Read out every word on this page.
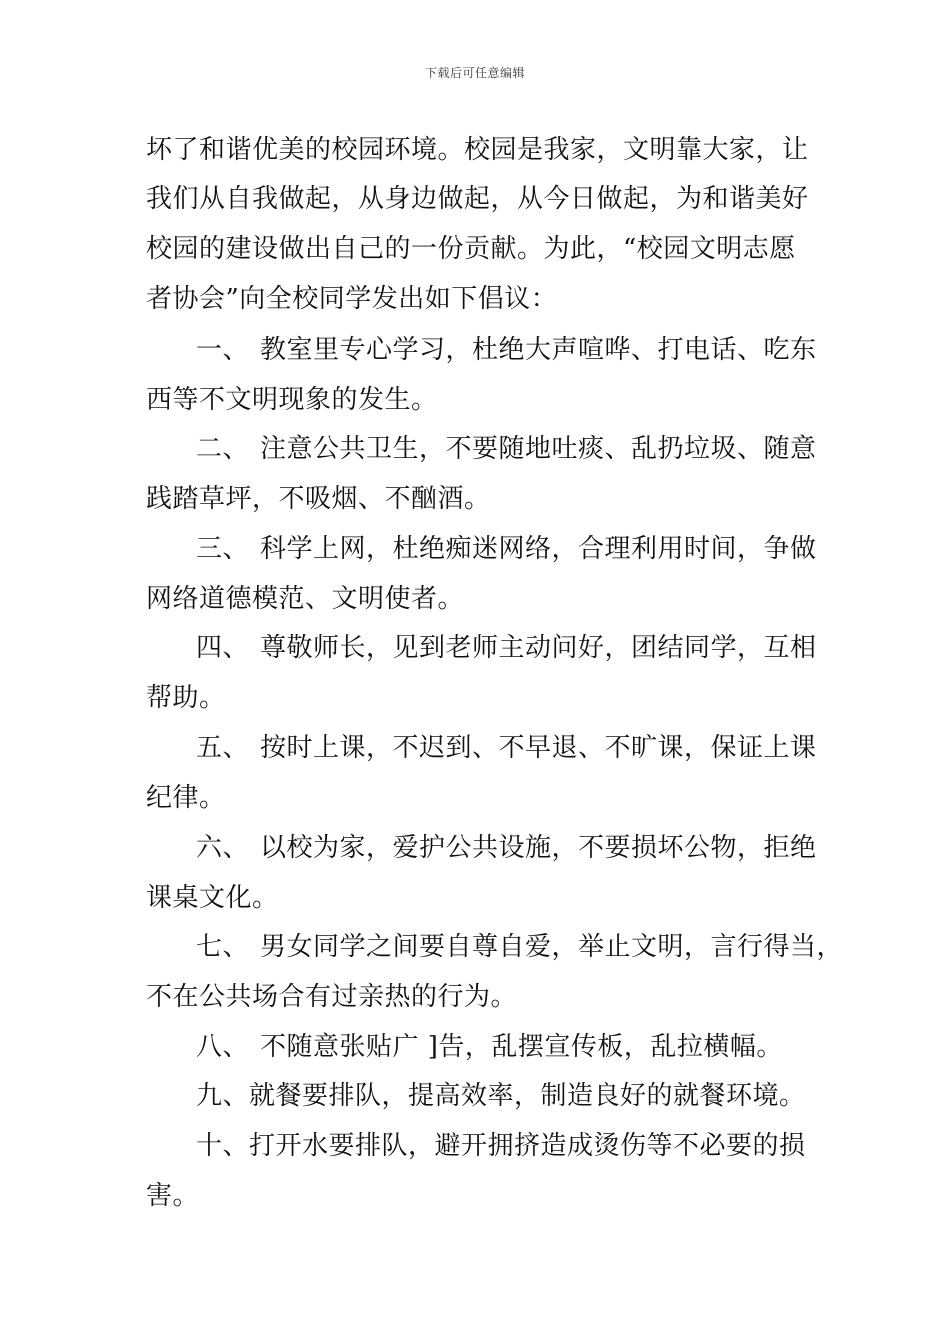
下载后可任意编辑
坏了和谐优美的校园环境。校园是我家，文明靠大家，让
我们从自我做起，从身边做起，从今日做起，为和谐美好
校园的建设做出自己的一份贡献。为此，“校园文明志愿
者协会”向全校同学发出如下倡议：
一、 教室里专心学习，杜绝大声喧哗、打电话、吃东
西等不文明现象的发生。
二、 注意公共卫生，不要随地吐痰、乱扔垃圾、随意
践踏草坪，不吸烟、不酗酒。
三、 科学上网，杜绝痴迷网络，合理利用时间，争做
网络道德模范、文明使者。
四、 尊敬师长，见到老师主动问好，团结同学，互相
帮助。
五、 按时上课，不迟到、不早退、不旷课，保证上课
纪律。
六、 以校为家，爱护公共设施，不要损坏公物，拒绝
课桌文化。
七、 男女同学之间要自尊自爱，举止文明，言行得当，
不在公共场合有过亲热的行为。
八、 不随意张贴广 ]告，乱摆宣传板，乱拉横幅。
九、就餐要排队，提高效率，制造良好的就餐环境。
十、打开水要排队，避开拥挤造成烫伤等不必要的损
害。
